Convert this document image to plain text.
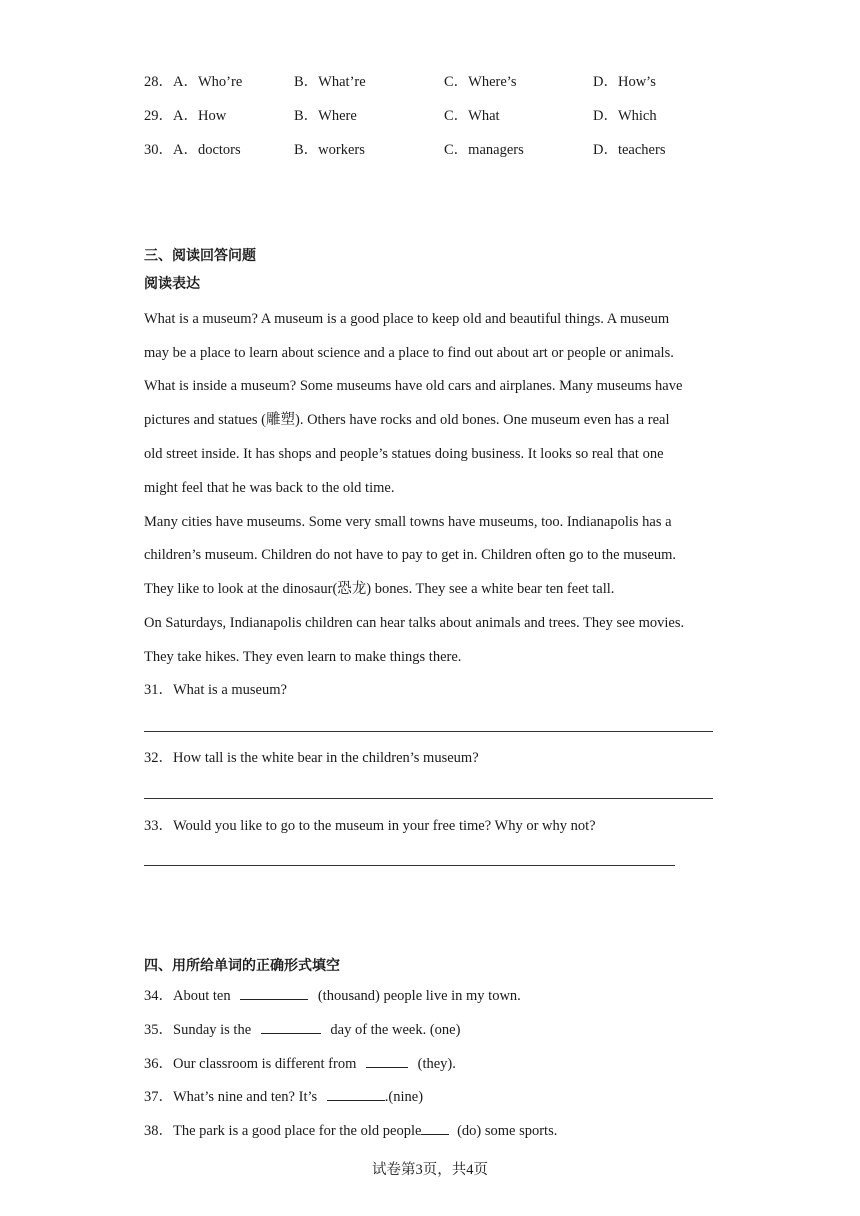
28．A．Who’re	B．What’re	C．Where’s	D．How’s
29．A．How	B．Where	C．What	D．Which
30．A．doctors	B．workers	C．managers	D．teachers
三、阅读回答问题
阅读表达
What is a museum? A museum is a good place to keep old and beautiful things. A museum
may be a place to learn about science and a place to find out about art or people or animals.
What is inside a museum? Some museums have old cars and airplanes. Many museums have
pictures and statues (雕塑). Others have rocks and old bones. One museum even has a real
old street inside. It has shops and people’s statues doing business. It looks so real that one
might feel that he was back to the old time.
Many cities have museums. Some very small towns have museums, too. Indianapolis has a
children’s museum. Children do not have to pay to get in. Children often go to the museum.
They like to look at the dinosaur(恐龙) bones. They see a white bear ten feet tall.
On Saturdays, Indianapolis children can hear talks about animals and trees. They see movies.
They take hikes. They even learn to make things there.
31．What is a museum?
32．How tall is the white bear in the children’s museum?
33．Would you like to go to the museum in your free time? Why or why not?
四、用所给单词的正确形式填空
34．About ten	(thousand) people live in my town.
35．Sunday is the	day of the week. (one)
36．Our classroom is different from	(they).
37．What’s nine and ten? It’s	.(nine)
38．The park is a good place for the old people (do) some sports.
试卷第3页，共4页
